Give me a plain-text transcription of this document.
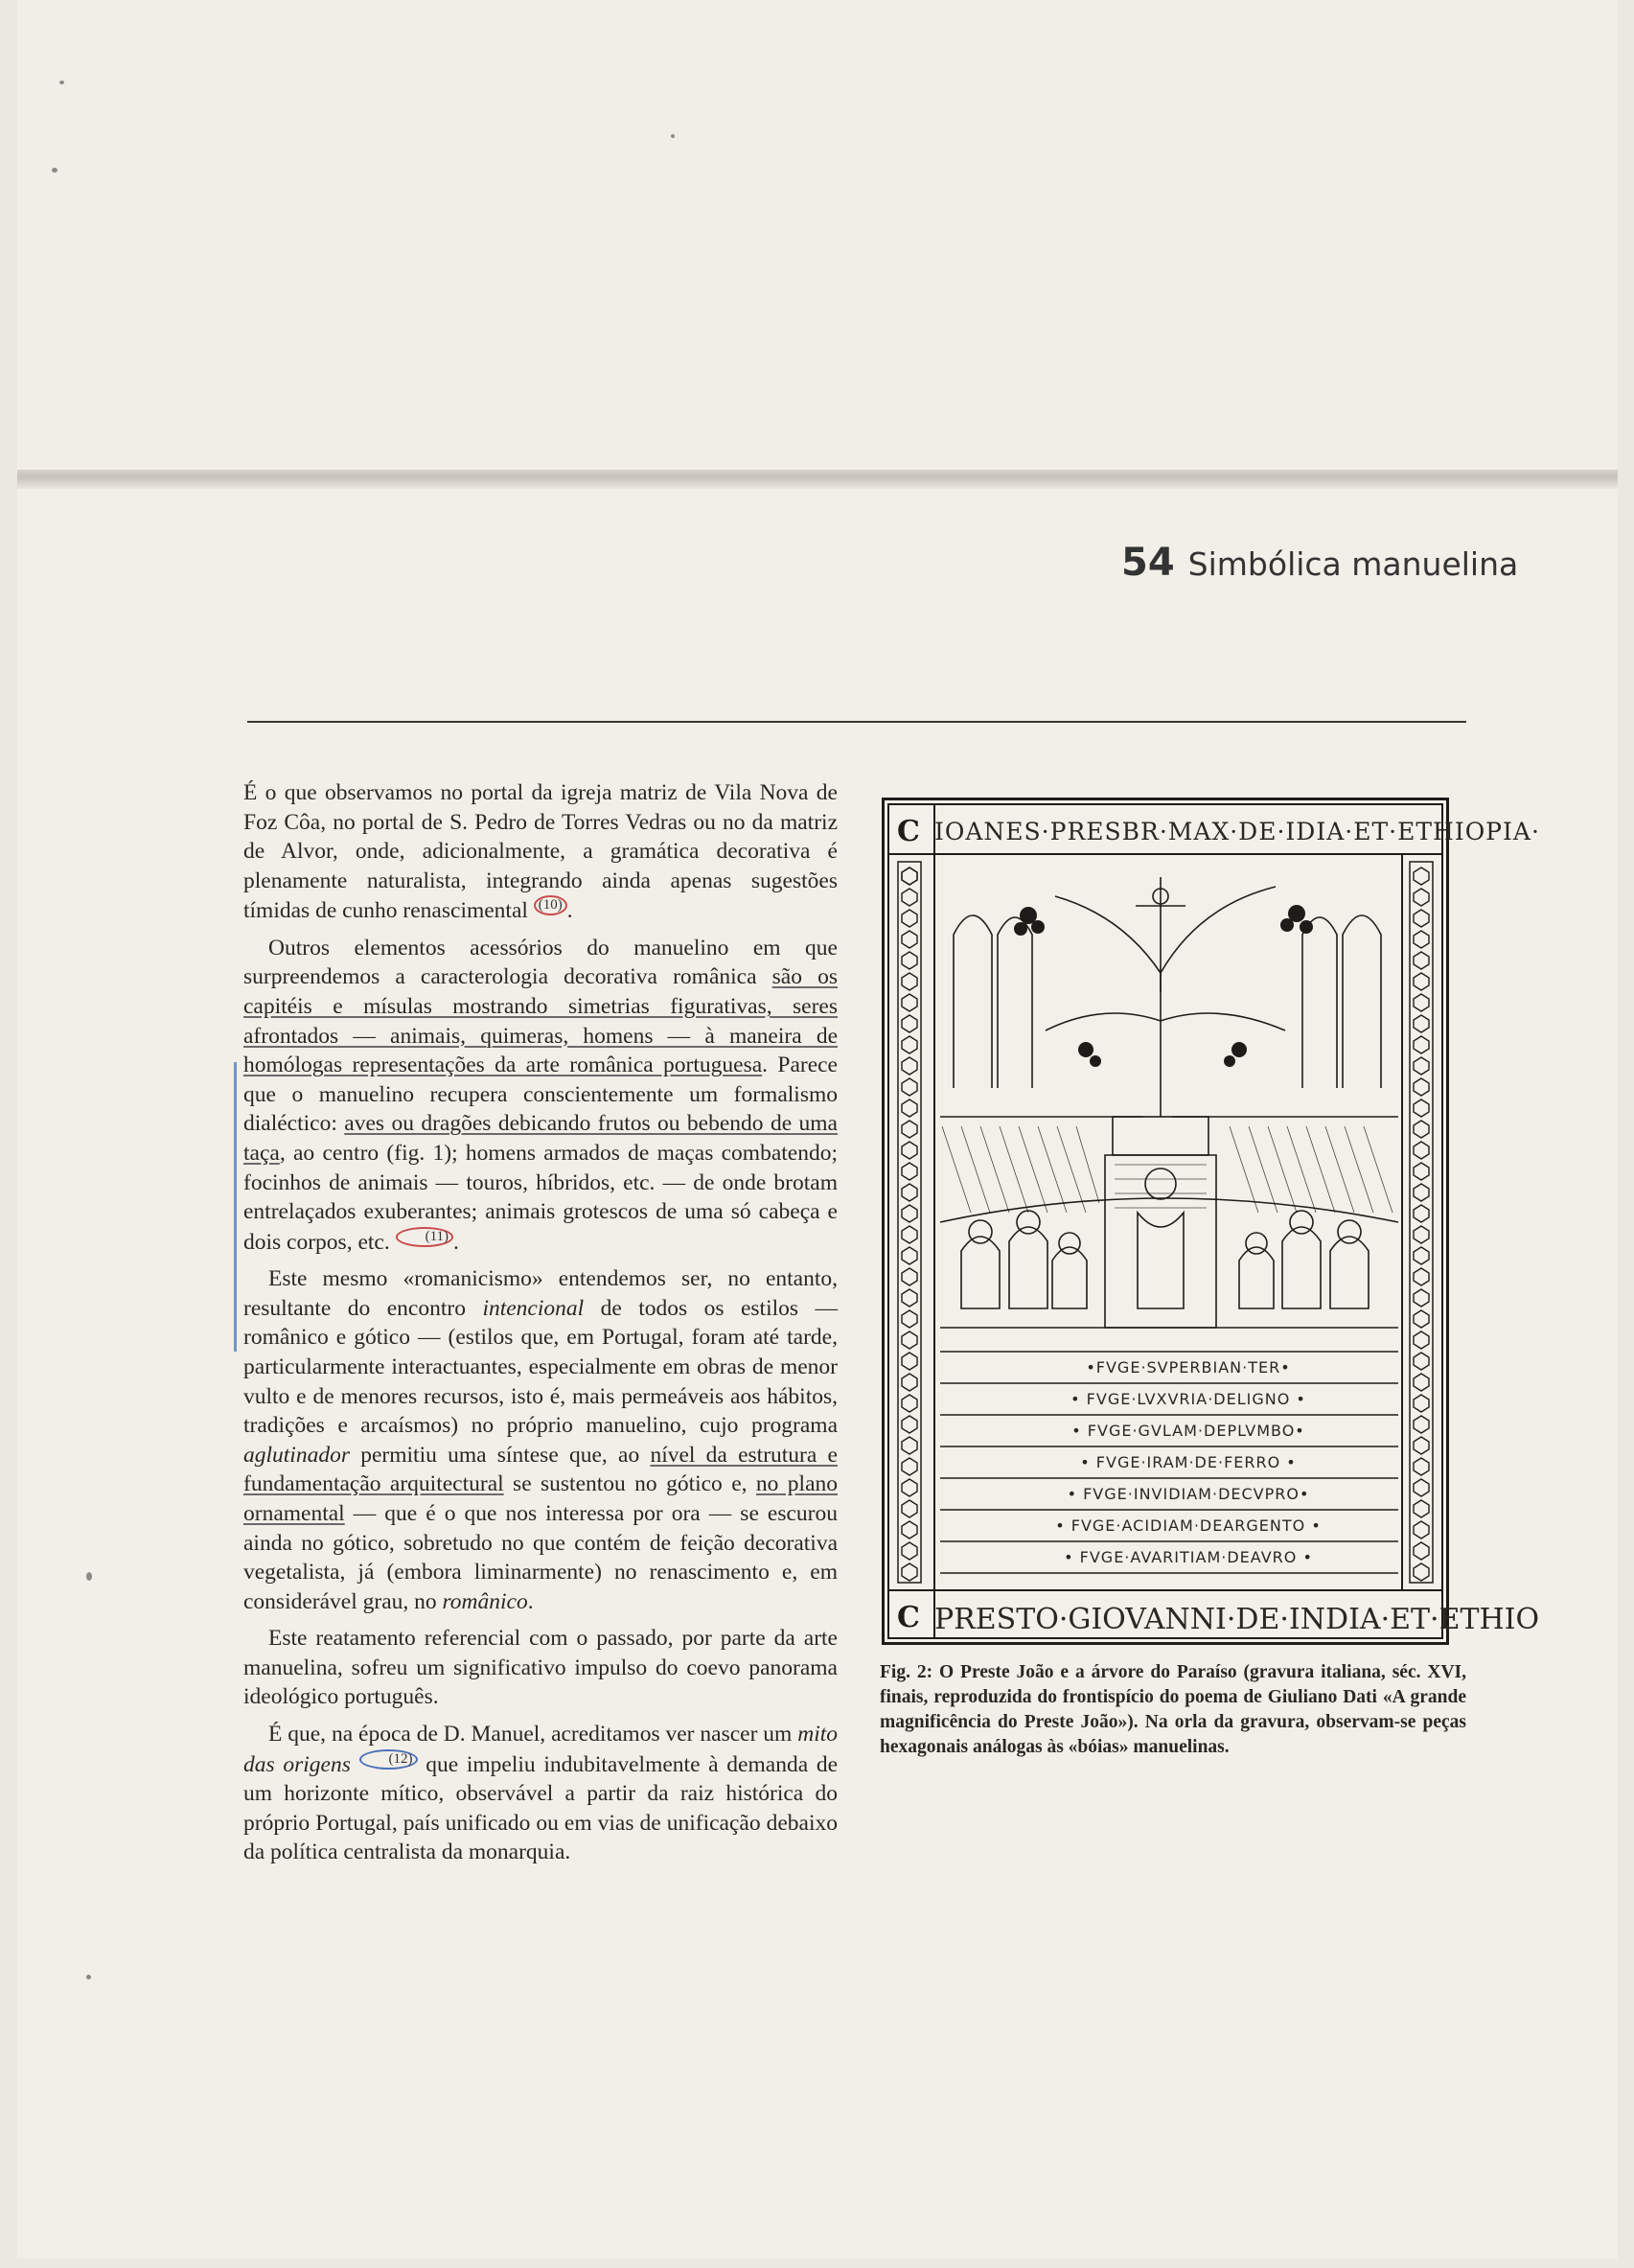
54 Simbólica manuelina

É o que observamos no portal da igreja matriz de Vila Nova de Foz Côa, no portal de S. Pedro de Torres Vedras ou no da matriz de Alvor, onde, adicionalmente, a gramática decorativa é plenamente naturalista, integrando ainda apenas sugestões tímidas de cunho renascimental (10) .

Outros elementos acessórios do manuelino em que surpreendemos a caracterologia decorativa românica são os capitéis e mísulas mostrando simetrias figurativas, seres afrontados — animais, quimeras, homens — à maneira de homólogas representações da arte românica portuguesa. Parece que o manuelino recupera conscientemente um formalismo dialéctico: aves ou dragões debicando frutos ou bebendo de uma taça, ao centro (fig. 1); homens armados de maças combatendo; focinhos de animais — touros, híbridos, etc. — de onde brotam entrelaçados exuberantes; animais grotescos de uma só cabeça e dois corpos, etc. (11) .

Este mesmo «romanicismo» entendemos ser, no entanto, resultante do encontro intencional de todos os estilos — românico e gótico — (estilos que, em Portugal, foram até tarde, particularmente interactuantes, especialmente em obras de menor vulto e de menores recursos, isto é, mais permeáveis aos hábitos, tradições e arcaísmos) no próprio manuelino, cujo programa aglutinador permitiu uma síntese que, ao nível da estrutura e fundamentação arquitectural se sustentou no gótico e, no plano ornamental — que é o que nos interessa por ora — se escurou ainda no gótico, sobretudo no que contém de feição decorativa vegetalista, já (embora liminarmente) no renascimento e, em considerável grau, no românico.

Este reatamento referencial com o passado, por parte da arte manuelina, sofreu um significativo impulso do coevo panorama ideológico português.

É que, na época de D. Manuel, acreditamos ver nascer um mito das origens	(12) que impeliu indubitavelmente à demanda de um horizonte mítico, observável a partir da raiz histórica do próprio Portugal, país unificado ou em vias de unificação debaixo da política centralista da monarquia.

C
C
IOANES·PRESBR·MAX·DE·IDIA·ET·ETHIOPIA·
•FVGE·SVPERBIAN·TER•
• FVGE·LVXVRIA·DELIGNO •
• FVGE·GVLAM·DEPLVMBO•
• FVGE·IRAM·DE·FERRO •
• FVGE·INVIDIAM·DECVPRO•
• FVGE·ACIDIAM·DEARGENTO •
• FVGE·AVARITIAM·DEAVRO •
PRESTO·GIOVANNI·DE·INDIA·ET·ETHIO
Fig. 2: O Preste João e a árvore do Paraíso (gravura italiana, séc. XVI, finais, reproduzida do frontispício do poema de Giuliano Dati «A grande magnificência do Preste João»). Na orla da gravura, observam-se peças hexagonais análogas às «bóias» manuelinas.
